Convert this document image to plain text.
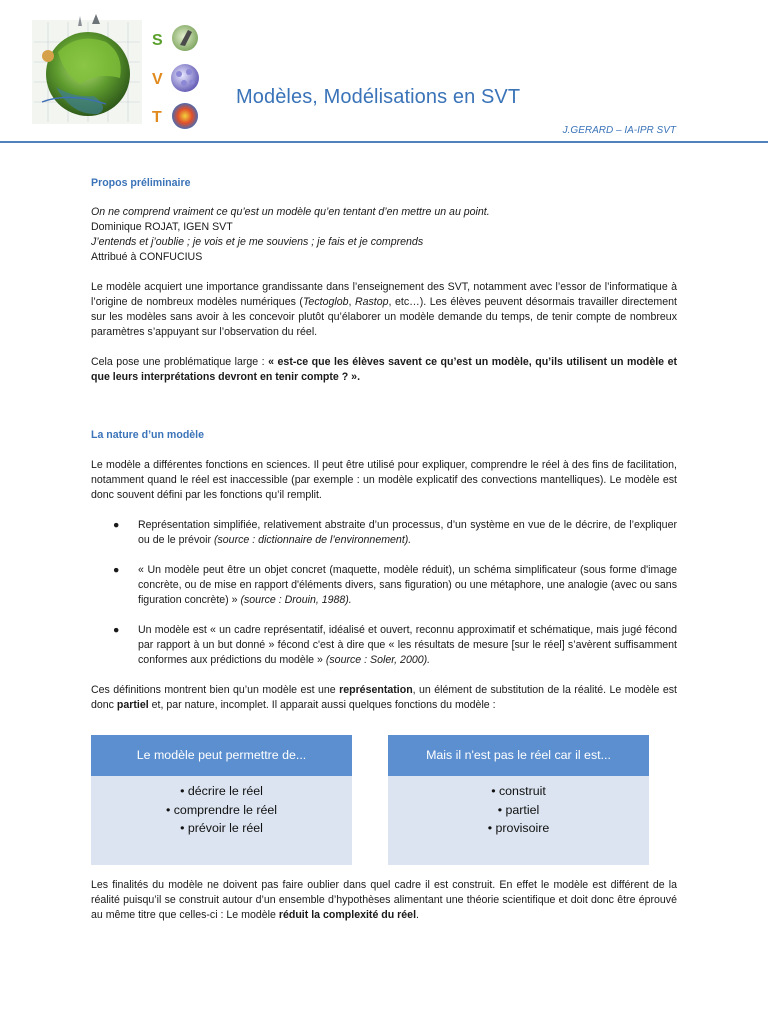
S
V
T
Modèles, Modélisations en SVT
J.GERARD – IA-IPR SVT

Propos préliminaire

On ne comprend vraiment ce qu’est un modèle qu’en tentant d’en mettre un au point.

Dominique ROJAT, IGEN SVT

J’entends et j’oublie ; je vois et je me souviens ; je fais et je comprends

Attribué à CONFUCIUS

Le modèle acquiert une importance grandissante dans l’enseignement des SVT, notamment avec l’essor de l’informatique à l’origine de nombreux modèles numériques (Tectoglob, Rastop, etc…). Les élèves peuvent désormais travailler directement sur les modèles sans avoir à les concevoir plutôt qu’élaborer un modèle demande du temps, de tenir compte de nombreux paramètres s’appuyant sur l’observation du réel.

Cela pose une problématique large : « est-ce que les élèves savent ce qu’est un modèle, qu’ils utilisent un modèle et que leurs interprétations devront en tenir compte ? ».

La nature d’un modèle

Le modèle a différentes fonctions en sciences. Il peut être utilisé pour expliquer, comprendre le réel à des fins de facilitation, notamment quand le réel est inaccessible (par exemple : un modèle explicatif des convections mantelliques). Le modèle est donc souvent défini par les fonctions qu’il remplit.

● Représentation simplifiée, relativement abstraite d’un processus, d’un système en vue de le décrire, de l’expliquer ou de le prévoir (source : dictionnaire de l’environnement).
● « Un modèle peut être un objet concret (maquette, modèle réduit), un schéma simplificateur (sous forme d'image concrète, ou de mise en rapport d'éléments divers, sans figuration) ou une métaphore, une analogie (avec ou sans figuration concrète) » (source : Drouin, 1988).
● Un modèle est « un cadre représentatif, idéalisé et ouvert, reconnu approximatif et schématique, mais jugé fécond par rapport à un but donné » fécond c'est à dire que « les résultats de mesure [sur le réel] s’avèrent suffisamment conformes aux prédictions du modèle » (source : Soler, 2000).

Ces définitions montrent bien qu’un modèle est une représentation, un élément de substitution de la réalité. Le modèle est donc partiel et, par nature, incomplet. Il apparait aussi quelques fonctions du modèle :

Le modèle peut permettre de...
• décrire le réel
• comprendre le réel
• prévoir le réel
Mais il n'est pas le réel car il est...
• construit
• partiel
• provisoire

Les finalités du modèle ne doivent pas faire oublier dans quel cadre il est construit. En effet le modèle est différent de la réalité puisqu’il se construit autour d’un ensemble d’hypothèses alimentant une théorie scientifique et doit donc être éprouvé au même titre que celles-ci : Le modèle réduit la complexité du réel.
